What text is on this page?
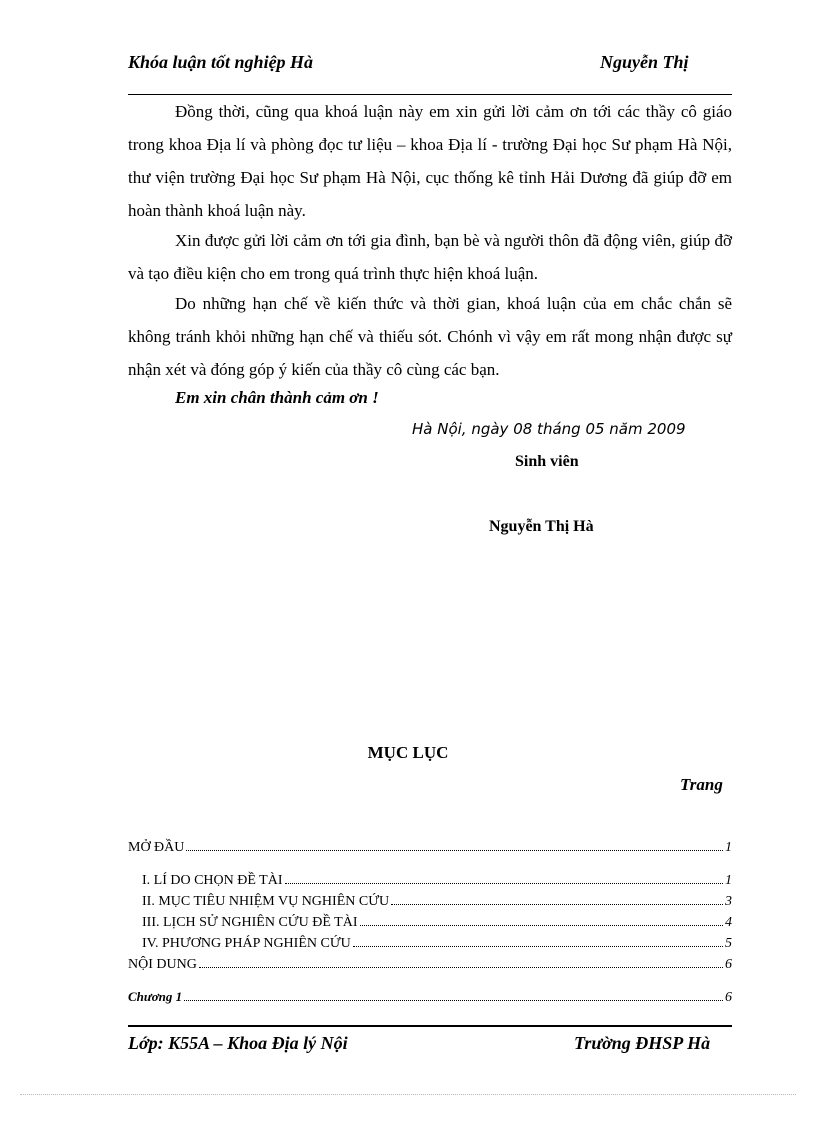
Khóa luận tốt nghiệp Hà	Nguyễn Thị
Đồng thời, cũng qua khoá luận này em xin gửi lời cảm ơn tới các thầy cô giáo trong khoa Địa lí và phòng đọc tư liệu – khoa Địa lí - trường Đại học Sư phạm Hà Nội, thư viện trường Đại học Sư phạm Hà Nội, cục thống kê tỉnh Hải Dương đã giúp đỡ em hoàn thành khoá luận này.
Xin được gửi lời cảm ơn tới gia đình, bạn bè và người thôn đã động viên, giúp đỡ và tạo điều kiện cho em trong quá trình thực hiện khoá luận.
Do những hạn chế về kiến thức và thời gian, khoá luận của em chắc chắn sẽ không tránh khỏi những hạn chế và thiếu sót. Chónh vì vậy em rất mong nhận được sự nhận xét và đóng góp ý kiến của thầy cô cùng các bạn.
Em xin chân thành cảm ơn !
Hà Nội, ngày 08 tháng 05 năm 2009
Sinh viên
Nguyễn Thị Hà
MỤC LỤC
Trang
MỞ ĐẦU	1
I. LÍ DO CHỌN ĐỀ TÀI	1
II. MỤC TIÊU NHIỆM VỤ NGHIÊN CỨU	3
III. LỊCH SỬ NGHIÊN CỨU ĐỀ TÀI	4
IV. PHƯƠNG PHÁP NGHIÊN CỨU	5
NỘI DUNG	6
Chương 1	6
Lớp: K55A – Khoa Địa lý Nội	Trường ĐHSP Hà
